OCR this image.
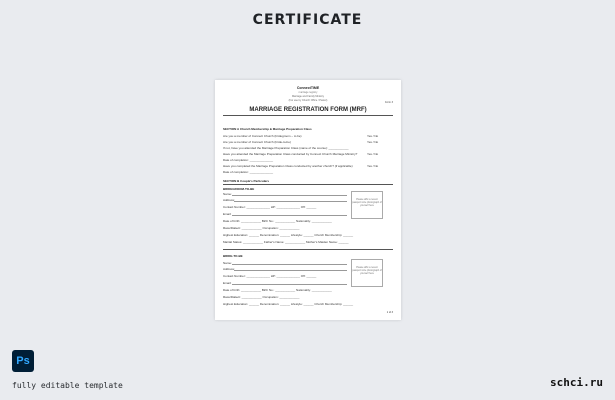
CERTIFICATE
ConnectTIME
marriage registry
Marriage and Family Ministry
(For use by Church Office / Pastor)
Form 3
MARRIAGE REGISTRATION FORM (MRF)
SECTION A Church Membership & Marriage Preparation Class
Are you a member of Connect Church (bridegroom – to be)	Yes / No
Are you a member of Connect Church (bride-to-be)	Yes / No
If not, have you attended the Marriage Preparation Class (name of the course): ____________
Have you attended the Marriage Preparation Class conducted by Connect Church Marriage Ministry?	Yes / No
Date of completion: ______________
Have you completed the Marriage Preparation Class conducted by another church? (if applicable)	Yes / No
Date of completion: ______________
SECTION B Couple's Particulars
BRIDEGROOM-TO-BE
Please affix a recent passport size photograph of yourself here
Name:
Address:
Contact Number: ______________ HP: ______________ Off: ______
Email:
Date of birth: ____________ Birth No.: ____________ Nationality: ____________
Race/Dialect: ____________ Occupation: ____________
Highest Education: ______ Denomination: ______ Lifestyle: ______ Church Membership: ______
Marital Status: ____________ Father's Name: ____________ Mother's Maiden Name: ______
BRIDE-TO-BE
Please affix a recent passport size photograph of yourself here
Name:
Address:
Contact Number: ______________ HP: ______________ Off: ______
Email:
Date of birth: ____________ Birth No.: ____________ Nationality: ____________
Race/Dialect: ____________ Occupation: ____________
Highest Education: ______ Denomination: ______ Lifestyle: ______ Church Membership: ______
1 of 3
Ps
fully editable template	schci.ru
